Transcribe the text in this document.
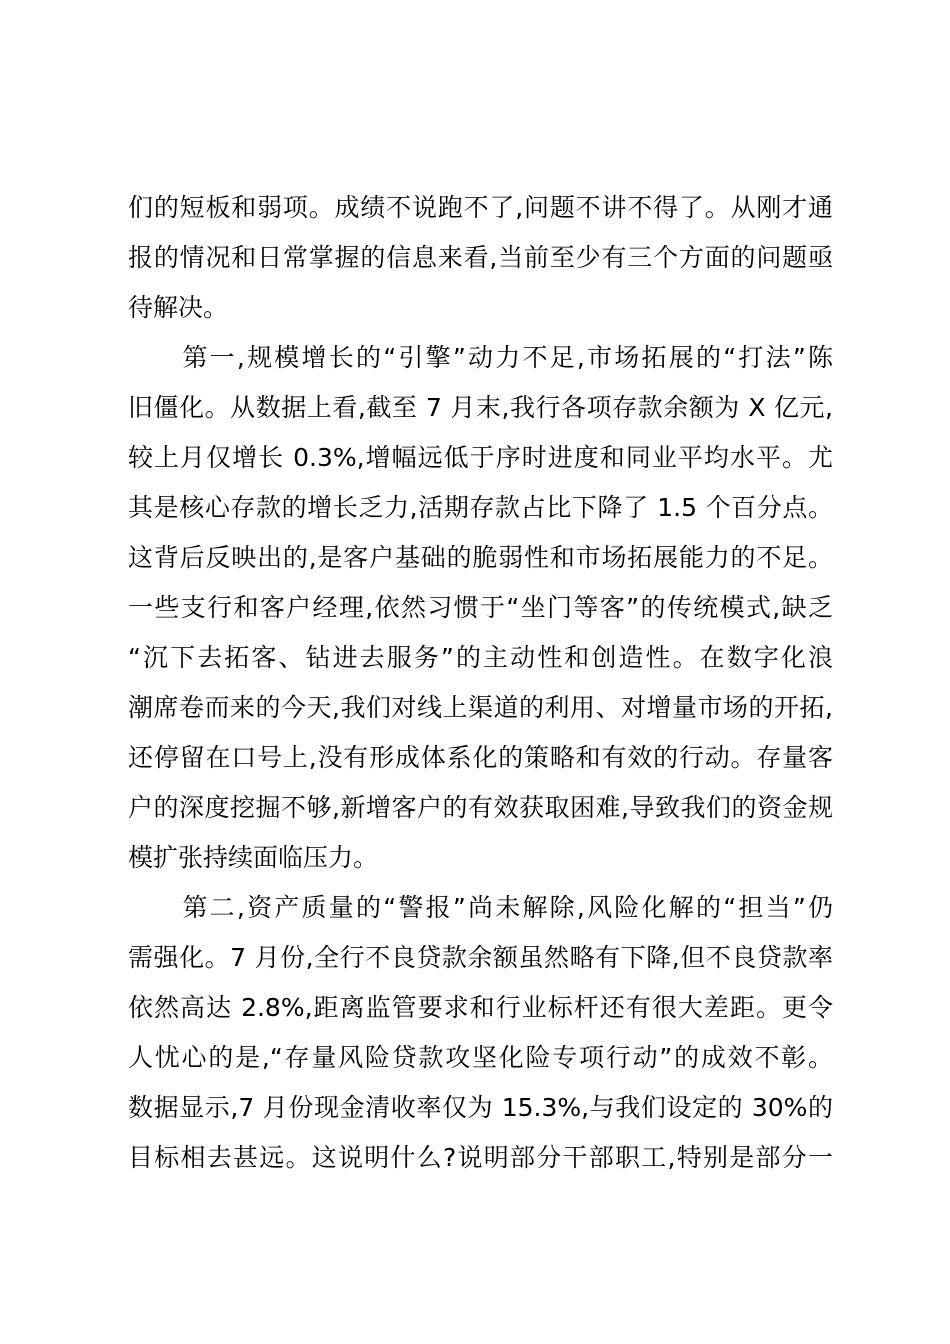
们的短板和弱项。成绩不说跑不了,问题不讲不得了。从刚才通
报的情况和日常掌握的信息来看,当前至少有三个方面的问题亟
待解决。
　　第一,规模增长的“引擎”动力不足,市场拓展的“打法”陈
旧僵化。从数据上看,截至 7 月末,我行各项存款余额为 X 亿元,
较上月仅增长 0.3%,增幅远低于序时进度和同业平均水平。尤
其是核心存款的增长乏力,活期存款占比下降了 1.5 个百分点。
这背后反映出的,是客户基础的脆弱性和市场拓展能力的不足。
一些支行和客户经理,依然习惯于“坐门等客”的传统模式,缺乏
“沉下去拓客、钻进去服务”的主动性和创造性。在数字化浪
潮席卷而来的今天,我们对线上渠道的利用、对增量市场的开拓,
还停留在口号上,没有形成体系化的策略和有效的行动。存量客
户的深度挖掘不够,新增客户的有效获取困难,导致我们的资金规
模扩张持续面临压力。
　　第二,资产质量的“警报”尚未解除,风险化解的“担当”仍
需强化。7 月份,全行不良贷款余额虽然略有下降,但不良贷款率
依然高达 2.8%,距离监管要求和行业标杆还有很大差距。更令
人忧心的是,“存量风险贷款攻坚化险专项行动”的成效不彰。
数据显示,7 月份现金清收率仅为 15.3%,与我们设定的 30%的
目标相去甚远。这说明什么?说明部分干部职工,特别是部分一
